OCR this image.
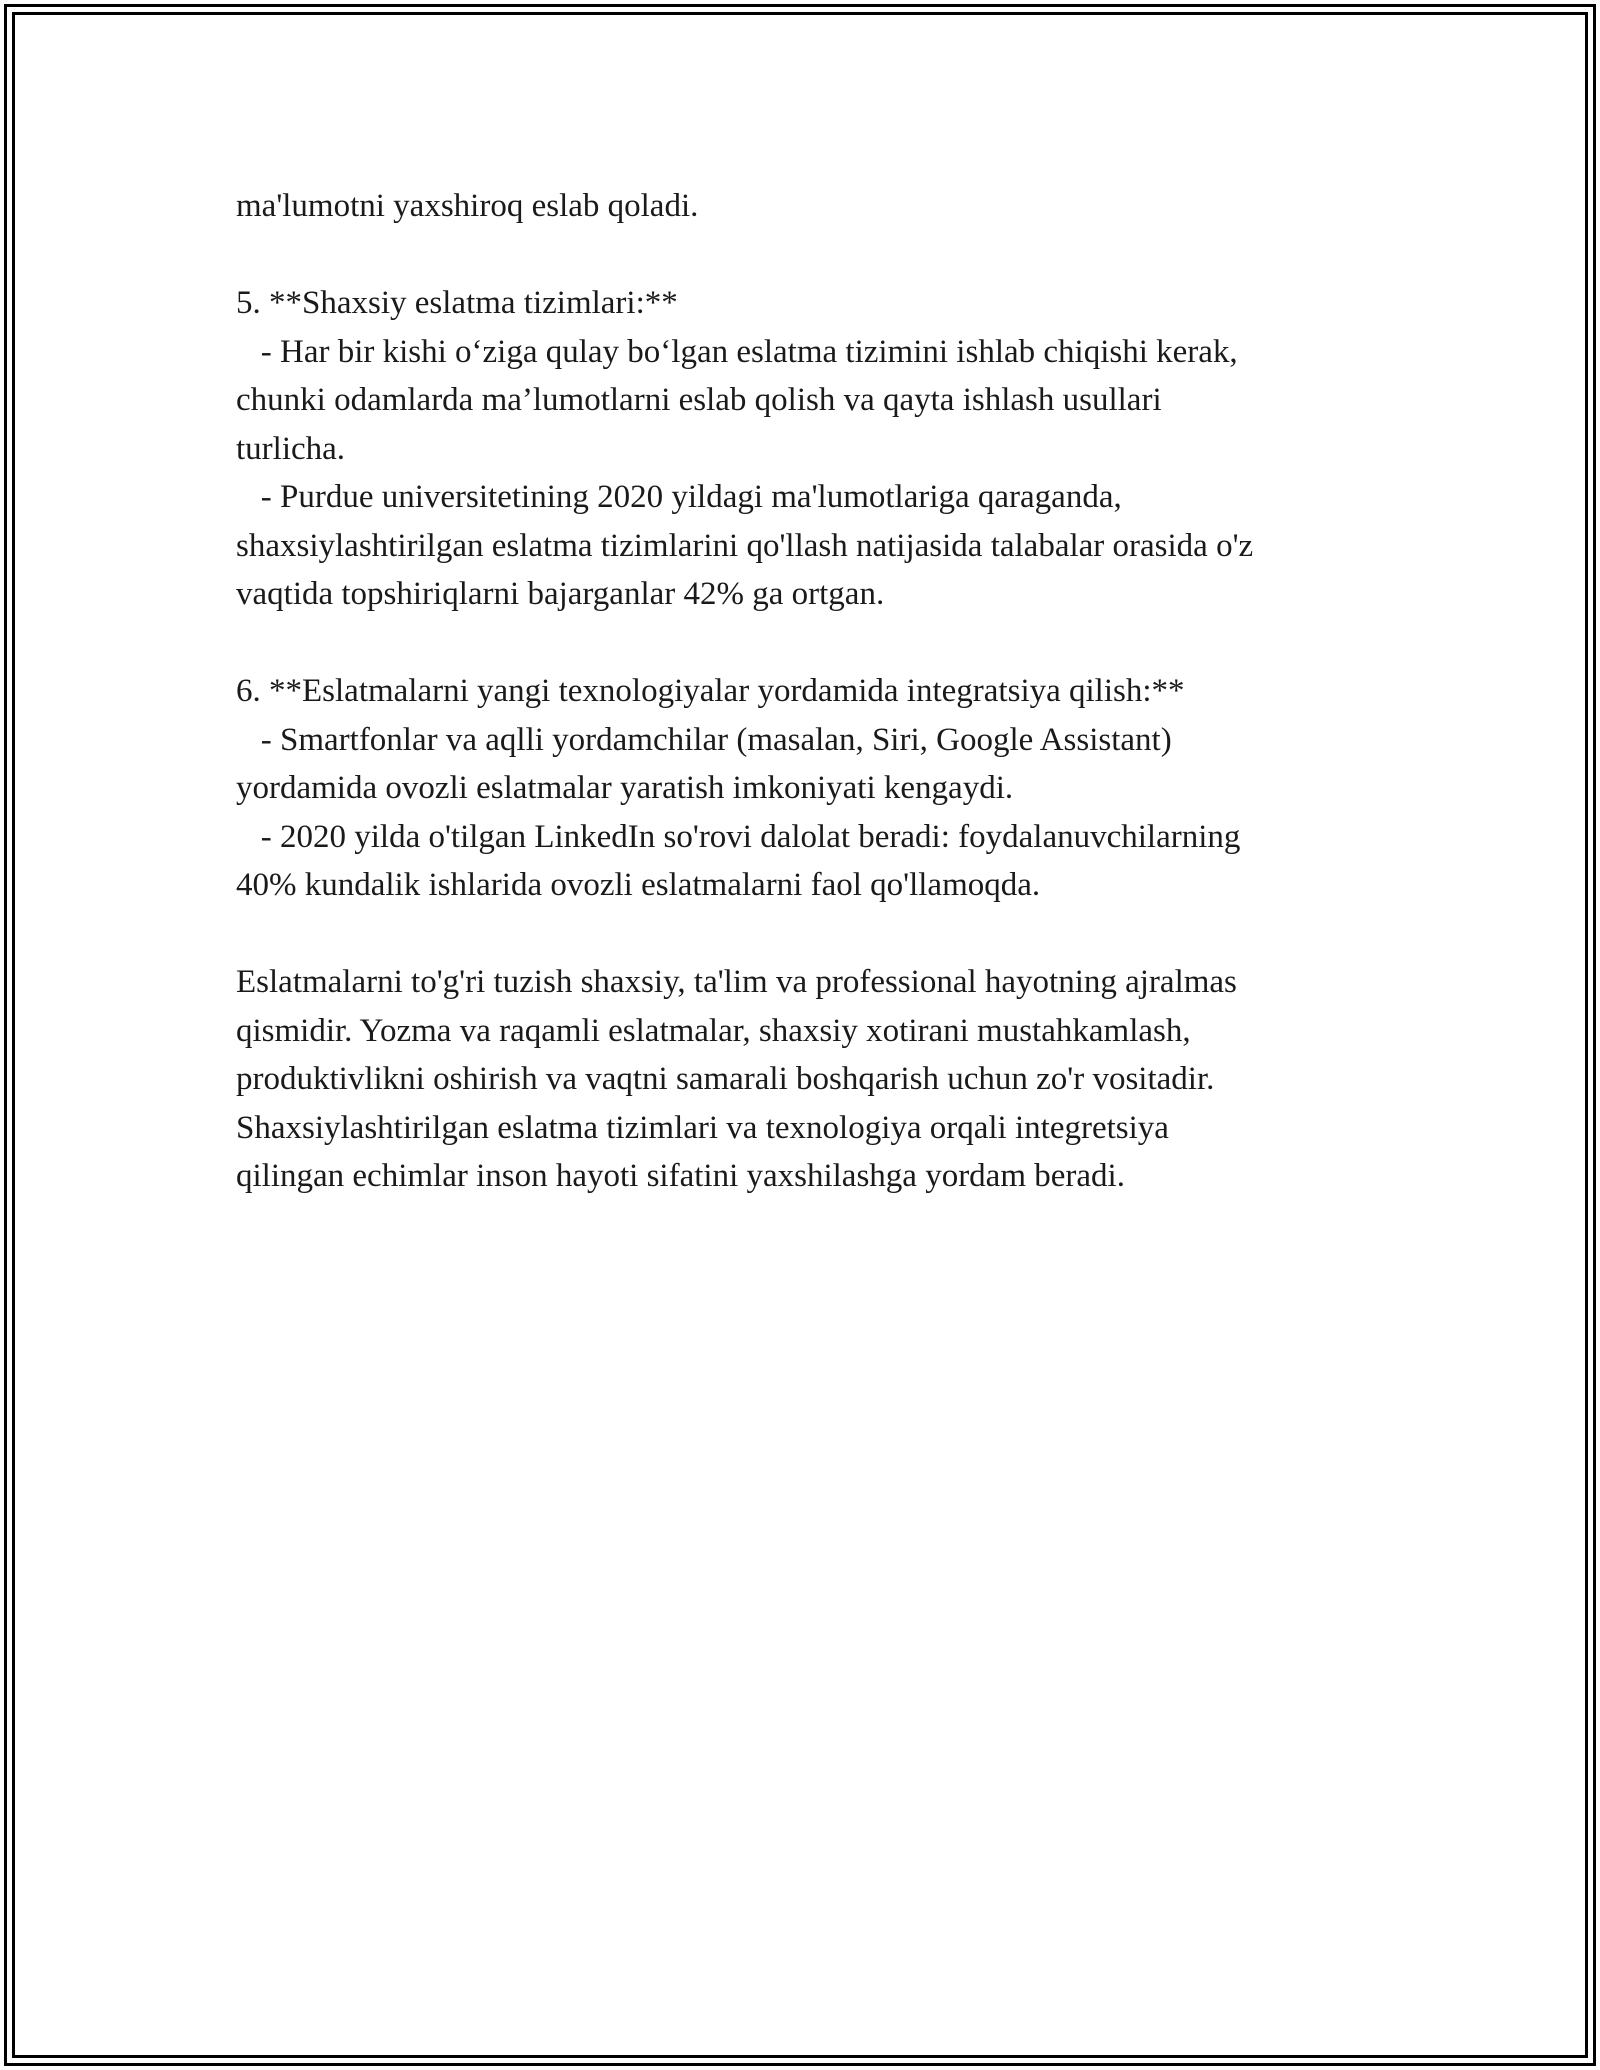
ma'lumotni yaxshiroq eslab qoladi.
5. **Shaxsiy eslatma tizimlari:**
- Har bir kishi o‘ziga qulay bo‘lgan eslatma tizimini ishlab chiqishi kerak,
chunki odamlarda ma’lumotlarni eslab qolish va qayta ishlash usullari
turlicha.
- Purdue universitetining 2020 yildagi ma'lumotlariga qaraganda,
shaxsiylashtirilgan eslatma tizimlarini qo'llash natijasida talabalar orasida o'z
vaqtida topshiriqlarni bajarganlar 42% ga ortgan.
6. **Eslatmalarni yangi texnologiyalar yordamida integratsiya qilish:**
- Smartfonlar va aqlli yordamchilar (masalan, Siri, Google Assistant)
yordamida ovozli eslatmalar yaratish imkoniyati kengaydi.
- 2020 yilda o'tilgan LinkedIn so'rovi dalolat beradi: foydalanuvchilarning
40% kundalik ishlarida ovozli eslatmalarni faol qo'llamoqda.
Eslatmalarni to'g'ri tuzish shaxsiy, ta'lim va professional hayotning ajralmas
qismidir. Yozma va raqamli eslatmalar, shaxsiy xotirani mustahkamlash,
produktivlikni oshirish va vaqtni samarali boshqarish uchun zo'r vositadir.
Shaxsiylashtirilgan eslatma tizimlari va texnologiya orqali integretsiya
qilingan echimlar inson hayoti sifatini yaxshilashga yordam beradi.
